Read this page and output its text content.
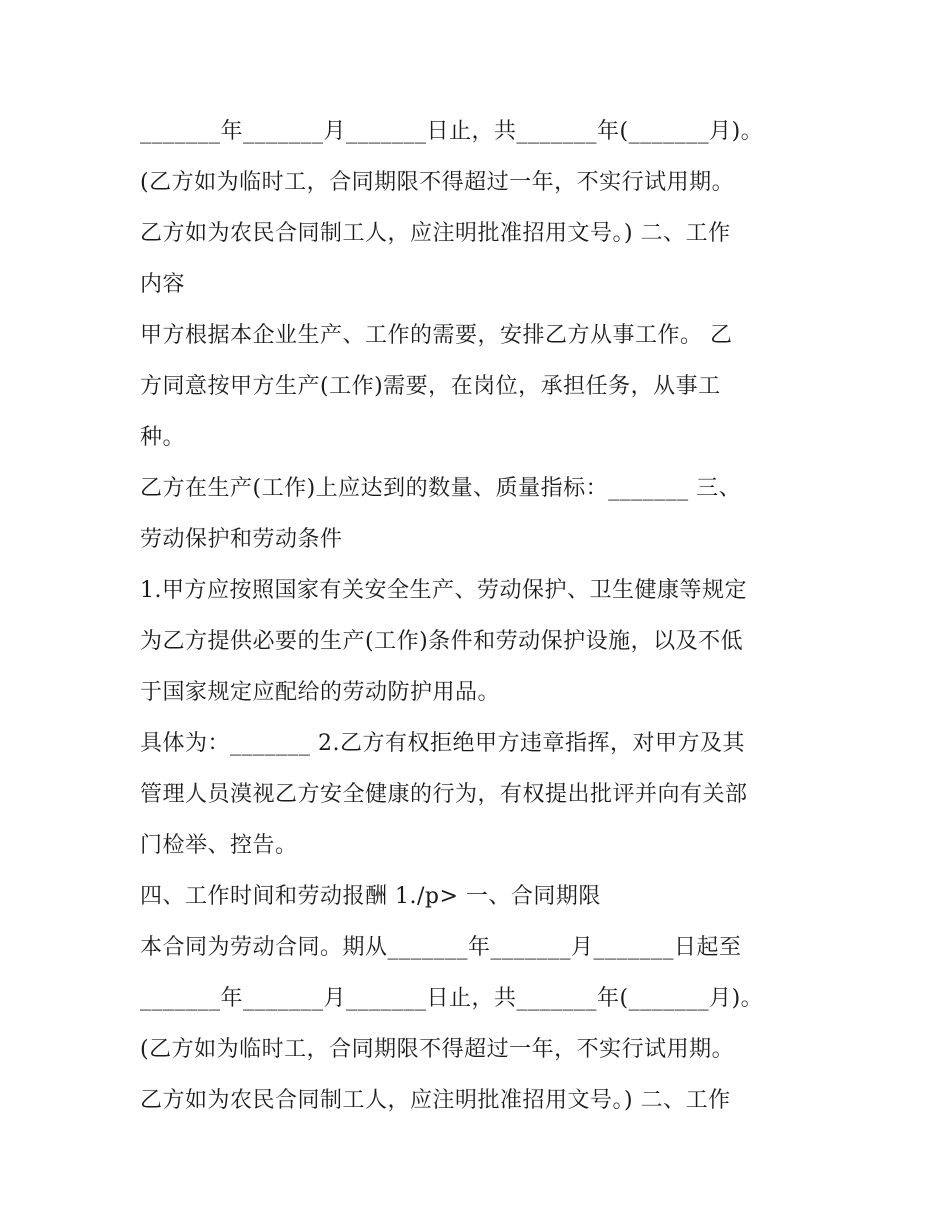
_______年_______月_______日止，共_______年(_______月)。
(乙方如为临时工，合同期限不得超过一年，不实行试用期。
乙方如为农民合同制工人，应注明批准招用文号。) 二、工作
内容
甲方根据本企业生产、工作的需要，安排乙方从事工作。 乙
方同意按甲方生产(工作)需要，在岗位，承担任务，从事工
种。
乙方在生产(工作)上应达到的数量、质量指标：_______ 三、
劳动保护和劳动条件
1.甲方应按照国家有关安全生产、劳动保护、卫生健康等规定
为乙方提供必要的生产(工作)条件和劳动保护设施，以及不低
于国家规定应配给的劳动防护用品。
具体为：_______ 2.乙方有权拒绝甲方违章指挥，对甲方及其
管理人员漠视乙方安全健康的行为，有权提出批评并向有关部
门检举、控告。
四、工作时间和劳动报酬 1./p> 一、合同期限
本合同为劳动合同。期从_______年_______月_______日起至
_______年_______月_______日止，共_______年(_______月)。
(乙方如为临时工，合同期限不得超过一年，不实行试用期。
乙方如为农民合同制工人，应注明批准招用文号。) 二、工作
